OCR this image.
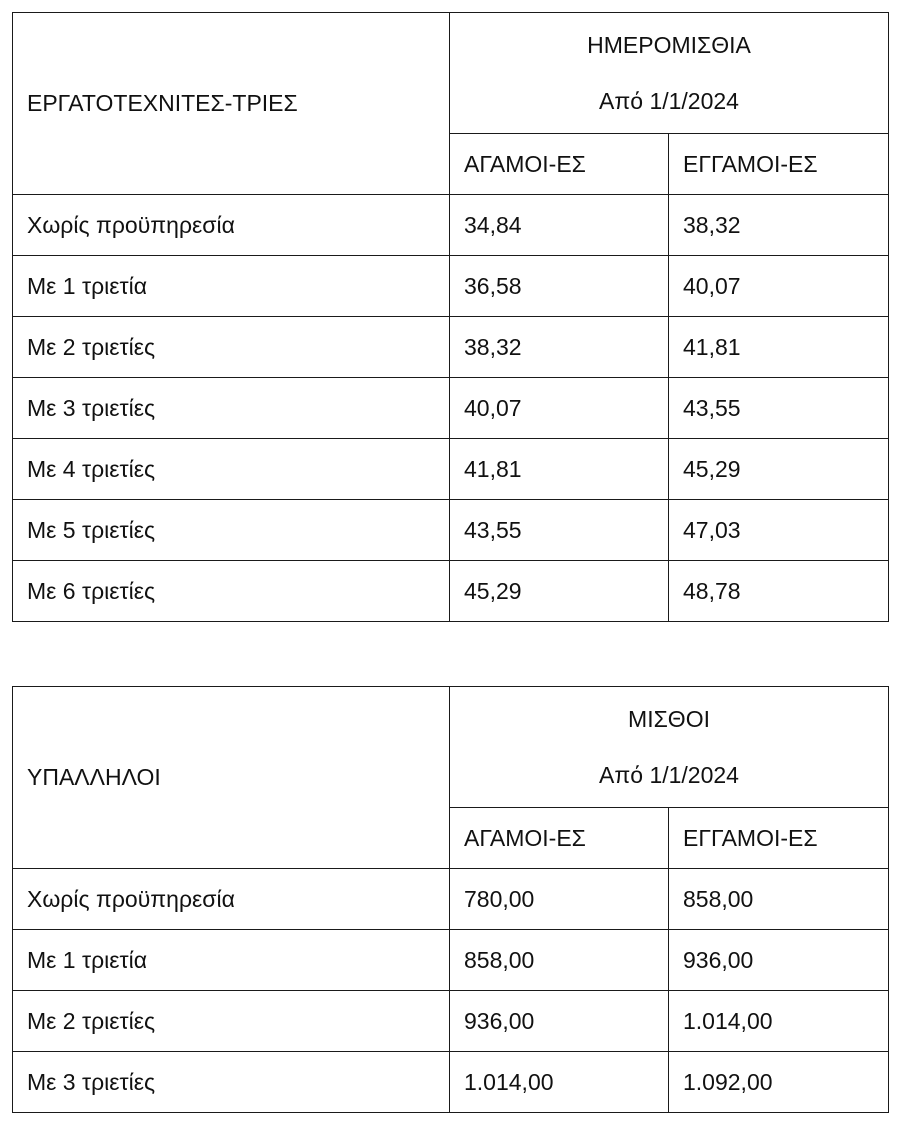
ΕΡΓΑΤΟΤΕΧΝΙΤΕΣ-ΤΡΙΕΣ	ΗΜΕΡΟΜΙΣΘΙΑ
Από 1/1/2024	

	ΑΓΑΜΟΙ-ΕΣ	ΕΓΓΑΜΟΙ-ΕΣ
Χωρίς προϋπηρεσία	34,84	38,32
Με 1 τριετία	36,58	40,07
Με 2 τριετίες	38,32	41,81
Με 3 τριετίες	40,07	43,55
Με 4 τριετίες	41,81	45,29
Με 5 τριετίες	43,55	47,03
Με 6 τριετίες	45,29	48,78
ΥΠΑΛΛΗΛΟΙ	ΜΙΣΘΟΙ
Από 1/1/2024	

	ΑΓΑΜΟΙ-ΕΣ	ΕΓΓΑΜΟΙ-ΕΣ
Χωρίς προϋπηρεσία	780,00	858,00
Με 1 τριετία	858,00	936,00
Με 2 τριετίες	936,00	1.014,00
Με 3 τριετίες	1.014,00	1.092,00
